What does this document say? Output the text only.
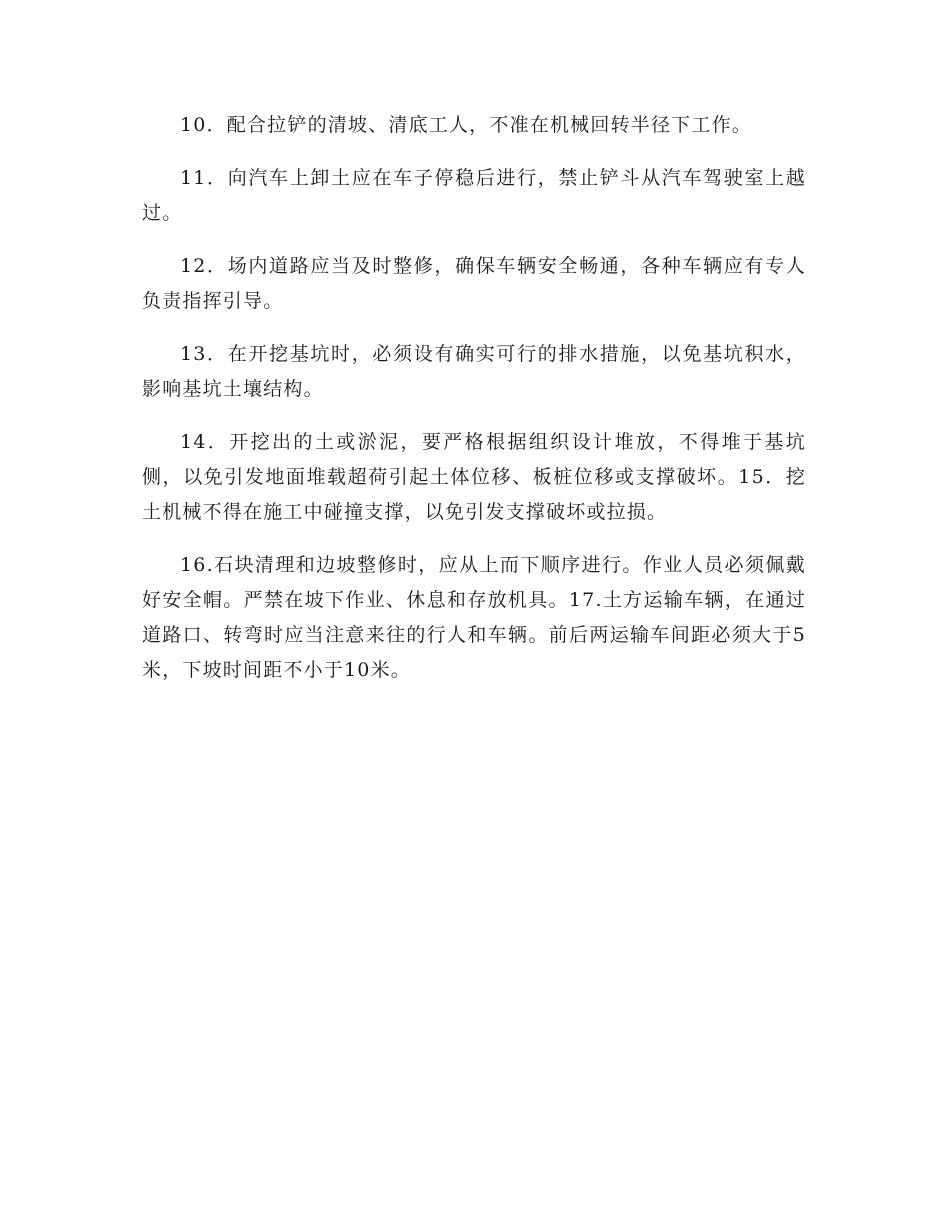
10．配合拉铲的清坡、清底工人，不准在机械回转半径下工作。

11．向汽车上卸土应在车子停稳后进行，禁止铲斗从汽车驾驶室上越过。

12．场内道路应当及时整修，确保车辆安全畅通，各种车辆应有专人负责指挥引导。

13．在开挖基坑时，必须设有确实可行的排水措施，以免基坑积水，影响基坑土壤结构。

14．开挖出的土或淤泥，要严格根据组织设计堆放，不得堆于基坑侧，以免引发地面堆载超荷引起土体位移、板桩位移或支撑破坏。15．挖土机械不得在施工中碰撞支撑，以免引发支撑破坏或拉损。

16.石块清理和边坡整修时，应从上而下顺序进行。作业人员必须佩戴好安全帽。严禁在坡下作业、休息和存放机具。17.土方运输车辆，在通过道路口、转弯时应当注意来往的行人和车辆。前后两运输车间距必须大于5米，下坡时间距不小于10米。
